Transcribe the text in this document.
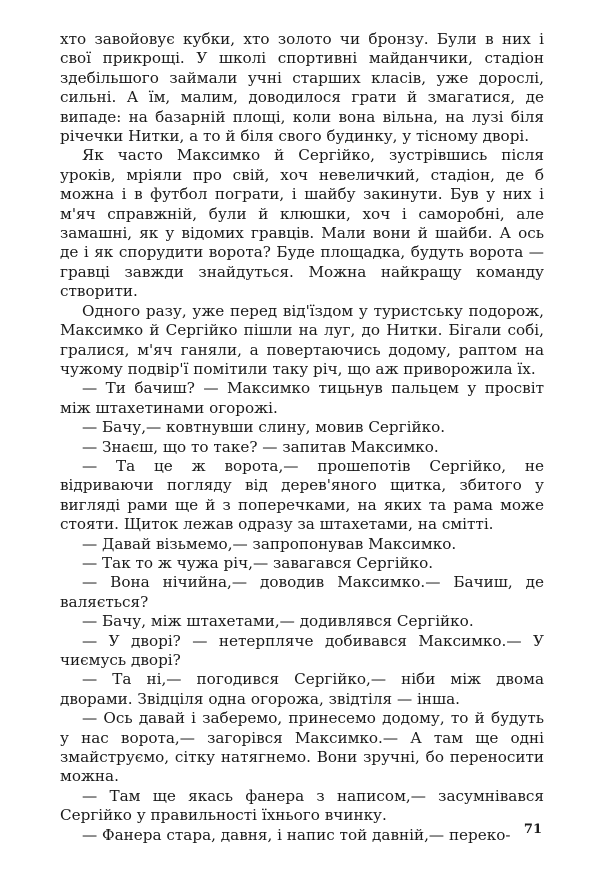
хто завойовує кубки, хто золото чи бронзу. Були в них і свої прикрощі. У школі спортивні майданчики, стадіон здебільшого займали учні старших класів, уже дорослі, сильні. А їм, малим, доводилося грати й змагатися, де випаде: на базарній площі, коли вона вільна, на лузі біля річечки Нитки, а то й біля свого будинку, у тісному дворі.

Як часто Максимко й Сергійко, зустрівшись після уроків, мріяли про свій, хоч невеличкий, стадіон, де б можна і в футбол пограти, і шайбу закинути. Був у них і м'яч справжній, були й клюшки, хоч і саморобні, але замашні, як у відомих гравців. Мали вони й шайби. А ось де і як спорудити ворота? Буде площадка, будуть ворота — гравці завжди знайдуться. Можна найкращу команду створити.

Одного разу, уже перед від'їздом у туристську подорож, Максимко й Сергійко пішли на луг, до Нитки. Бігали собі, гралися, м'яч ганяли, а повертаючись додому, раптом на чужому подвір'ї помітили таку річ, що аж приворожила їх.

— Ти бачиш? — Максимко тицьнув пальцем у просвіт між штахетинами огорожі.

— Бачу,— ковтнувши слину, мовив Сергійко.

— Знаєш, що то таке? — запитав Максимко.

— Та це ж ворота,— прошепотів Сергійко, не відриваючи погляду від дерев'яного щитка, збитого у вигляді рами ще й з поперечками, на яких та рама може стояти. Щиток лежав одразу за штахетами, на смітті.

— Давай візьмемо,— запропонував Максимко.

— Так то ж чужа річ,— завагався Сергійко.

— Вона нічийна,— доводив Максимко.— Бачиш, де валяється?

— Бачу, між штахетами,— додивлявся Сергійко.

— У дворі? — нетерпляче добивався Максимко.— У чиємусь дворі?

— Та ні,— погодився Сергійко,— ніби між двома дворами. Звідціля одна огорожа, звідтіля — інша.

— Ось давай і заберемо, принесемо додому, то й будуть у нас ворота,— загорівся Максимко.— А там ще одні змайструємо, сітку натягнемо. Вони зручні, бо переносити можна.

— Там ще якась фанера з написом,— засумнівався Сергійко у правильності їхнього вчинку.

— Фанера стара, давня, і напис той давній,— переко-	71
